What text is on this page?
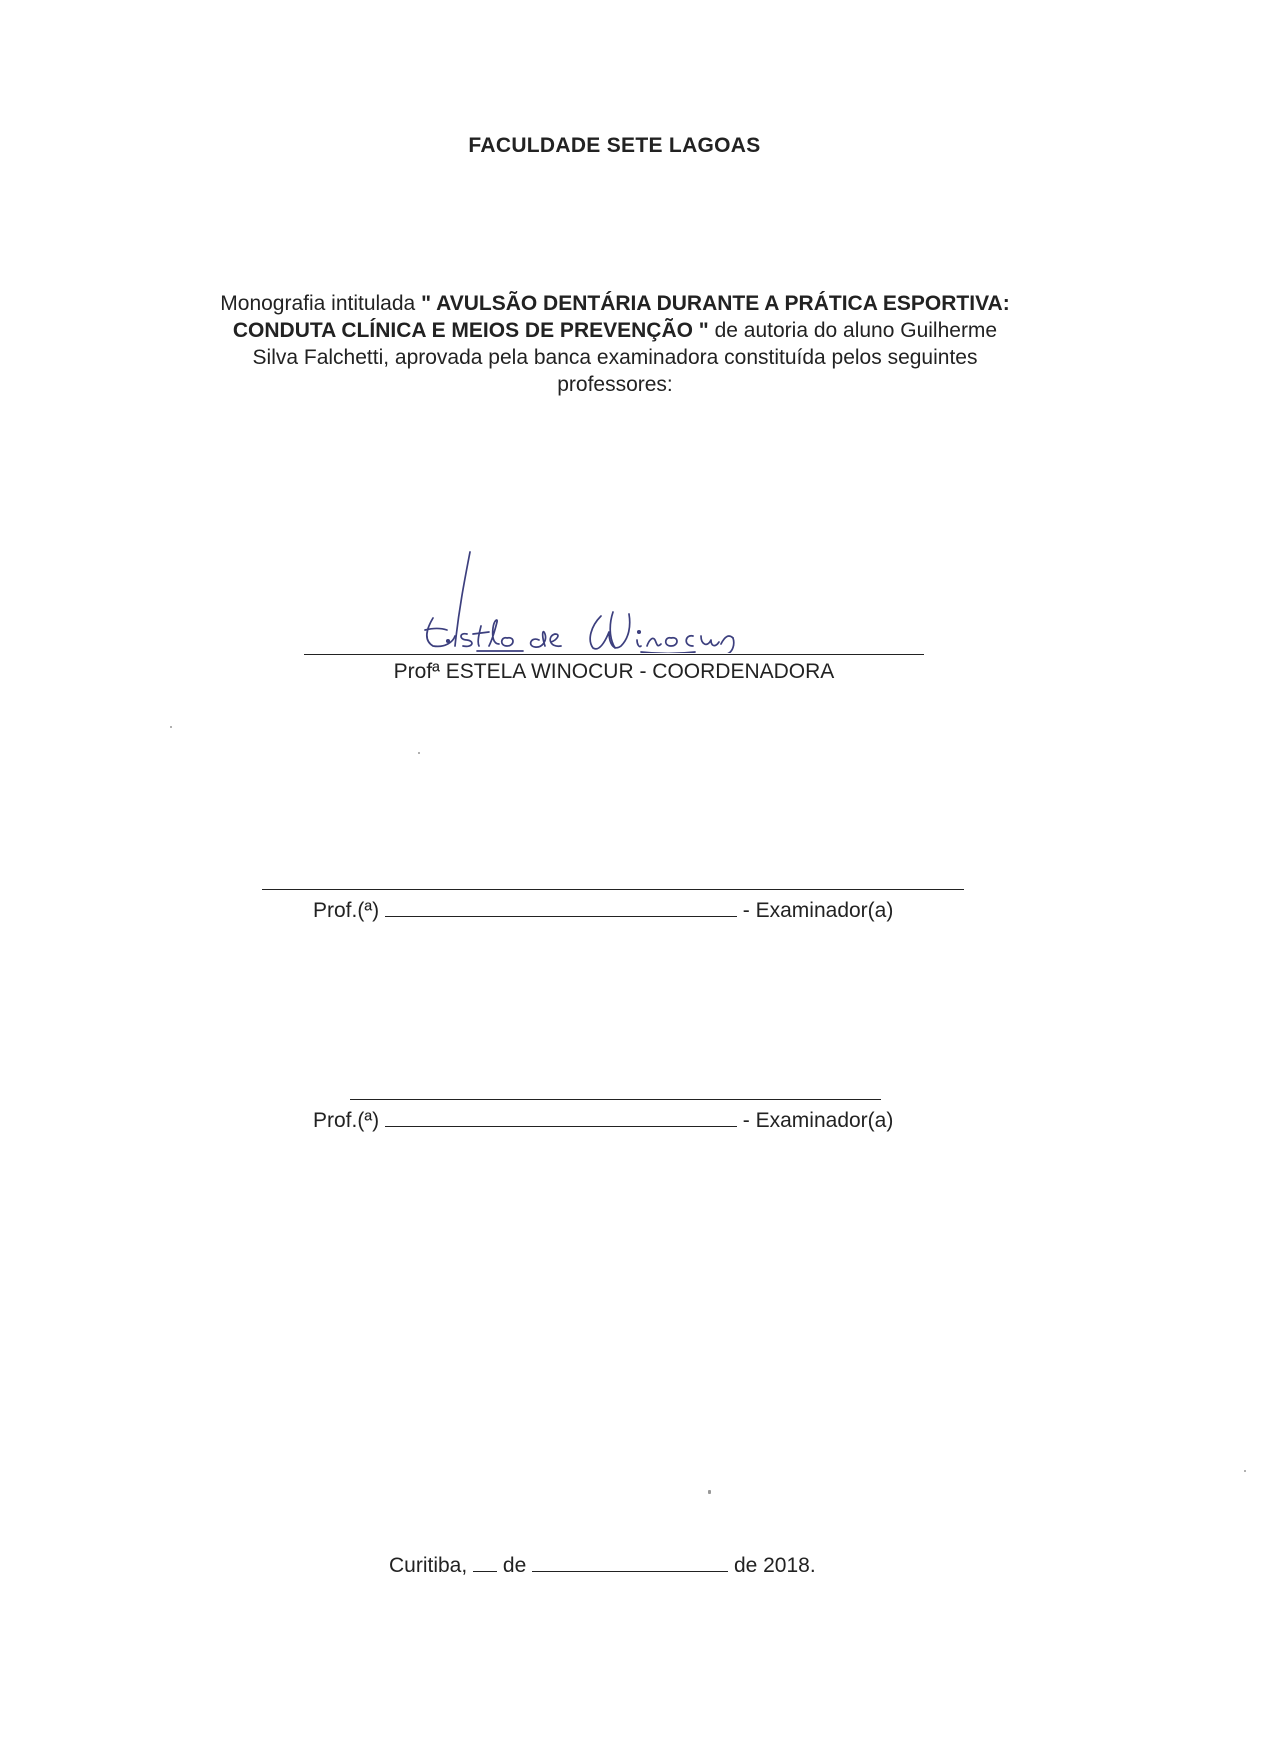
FACULDADE SETE LAGOAS
Monografia intitulada " AVULSÃO DENTÁRIA DURANTE A PRÁTICA ESPORTIVA:
CONDUTA CLÍNICA E MEIOS DE PREVENÇÃO " de autoria do aluno Guilherme
Silva Falchetti, aprovada pela banca examinadora constituída pelos seguintes
professores:
Profª ESTELA WINOCUR - COORDENADORA
Prof.(ª)	- Examinador(a)
Prof.(ª)	- Examinador(a)
Curitiba, de	de 2018.
